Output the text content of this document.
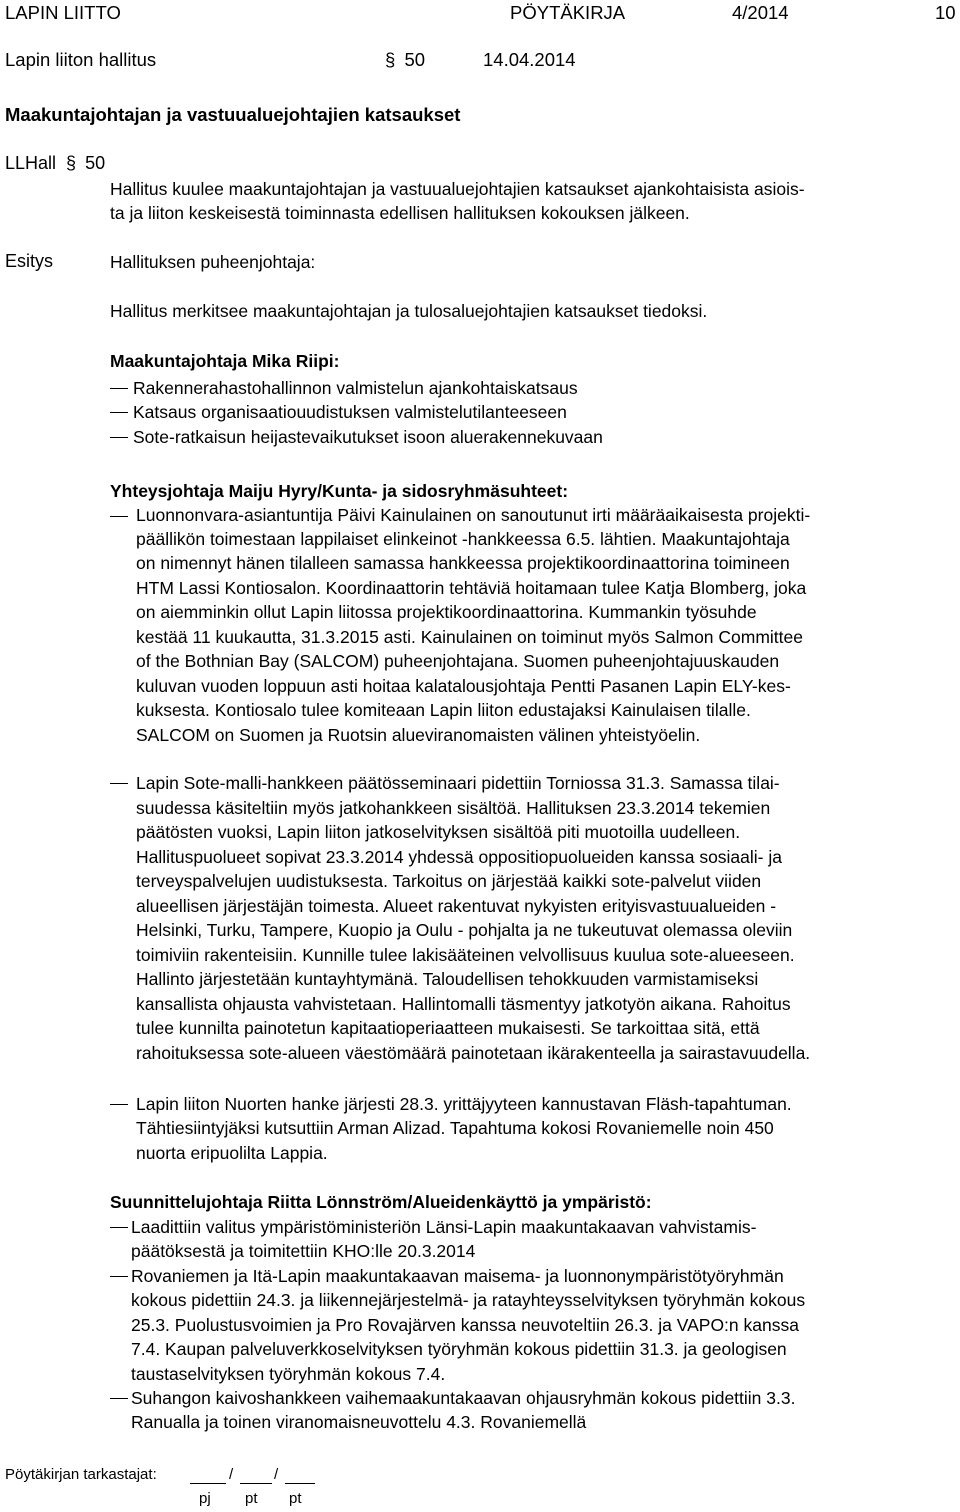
LAPIN LIITTO	PÖYTÄKIRJA	4/2014	10
Lapin liiton hallitus	§ 50	14.04.2014
Maakuntajohtajan ja vastuualuejohtajien katsaukset
LLHall § 50
Hallitus kuulee maakuntajohtajan ja vastuualuejohtajien katsaukset ajankohtaisista asiois-
ta ja liiton keskeisestä toiminnasta edellisen hallituksen kokouksen jälkeen.
Esitys	Hallituksen puheenjohtaja:
Hallitus merkitsee maakuntajohtajan ja tulosaluejohtajien katsaukset tiedoksi.
Maakuntajohtaja Mika Riipi:
Rakennerahastohallinnon valmistelun ajankohtaiskatsaus
Katsaus organisaatiouudistuksen valmistelutilanteeseen
Sote-ratkaisun heijastevaikutukset isoon aluerakennekuvaan
Yhteysjohtaja Maiju Hyry/Kunta- ja sidosryhmäsuhteet:
Luonnonvara-asiantuntija Päivi Kainulainen on sanoutunut irti määräaikaisesta projekti-
päällikön toimestaan lappilaiset elinkeinot -hankkeessa 6.5. lähtien. Maakuntajohtaja
on nimennyt hänen tilalleen samassa hankkeessa projektikoordinaattorina toimineen
HTM Lassi Kontiosalon. Koordinaattorin tehtäviä hoitamaan tulee Katja Blomberg, joka
on aiemminkin ollut Lapin liitossa projektikoordinaattorina. Kummankin työsuhde
kestää 11 kuukautta, 31.3.2015 asti. Kainulainen on toiminut myös Salmon Committee
of the Bothnian Bay (SALCOM) puheenjohtajana. Suomen puheenjohtajuuskauden
kuluvan vuoden loppuun asti hoitaa kalatalousjohtaja Pentti Pasanen Lapin ELY-kes-
kuksesta. Kontiosalo tulee komiteaan Lapin liiton edustajaksi Kainulaisen tilalle.
SALCOM on Suomen ja Ruotsin alueviranomaisten välinen yhteistyöelin.
Lapin Sote-malli-hankkeen päätösseminaari pidettiin Torniossa 31.3. Samassa tilai-
suudessa käsiteltiin myös jatkohankkeen sisältöä. Hallituksen 23.3.2014 tekemien
päätösten vuoksi, Lapin liiton jatkoselvityksen sisältöä piti muotoilla uudelleen.
Hallituspuolueet sopivat 23.3.2014 yhdessä oppositiopuolueiden kanssa sosiaali- ja
terveyspalvelujen uudistuksesta. Tarkoitus on järjestää kaikki sote-palvelut viiden
alueellisen järjestäjän toimesta. Alueet rakentuvat nykyisten erityisvastuualueiden -
Helsinki, Turku, Tampere, Kuopio ja Oulu - pohjalta ja ne tukeutuvat olemassa oleviin
toimiviin rakenteisiin. Kunnille tulee lakisääteinen velvollisuus kuulua sote-alueeseen.
Hallinto järjestetään kuntayhtymänä. Taloudellisen tehokkuuden varmistamiseksi
kansallista ohjausta vahvistetaan. Hallintomalli täsmentyy jatkotyön aikana. Rahoitus
tulee kunnilta painotetun kapitaatioperiaatteen mukaisesti. Se tarkoittaa sitä, että
rahoituksessa sote-alueen väestömäärä painotetaan ikärakenteella ja sairastavuudella.
Lapin liiton Nuorten hanke järjesti 28.3. yrittäjyyteen kannustavan Fläsh-tapahtuman.
Tähtiesiintyjäksi kutsuttiin Arman Alizad. Tapahtuma kokosi Rovaniemelle noin 450
nuorta eripuolilta Lappia.
Suunnittelujohtaja Riitta Lönnström/Alueidenkäyttö ja ympäristö:
Laadittiin valitus ympäristöministeriön Länsi-Lapin maakuntakaavan vahvistamis-
päätöksestä ja toimitettiin KHO:lle 20.3.2014
Rovaniemen ja Itä-Lapin maakuntakaavan maisema- ja luonnonympäristötyöryhmän
kokous pidettiin 24.3. ja liikennejärjestelmä- ja ratayhteysselvityksen työryhmän kokous
25.3. Puolustusvoimien ja Pro Rovajärven kanssa neuvoteltiin 26.3. ja VAPO:n kanssa
7.4. Kaupan palveluverkkoselvityksen työryhmän kokous pidettiin 31.3. ja geologisen
taustaselvityksen työryhmän kokous 7.4.
Suhangon kaivoshankkeen vaihemaakuntakaavan ohjausryhmän kokous pidettiin 3.3.
Ranualla ja toinen viranomaisneuvottelu 4.3. Rovaniemellä
Pöytäkirjan tarkastajat:	/	/
pj pt pt
